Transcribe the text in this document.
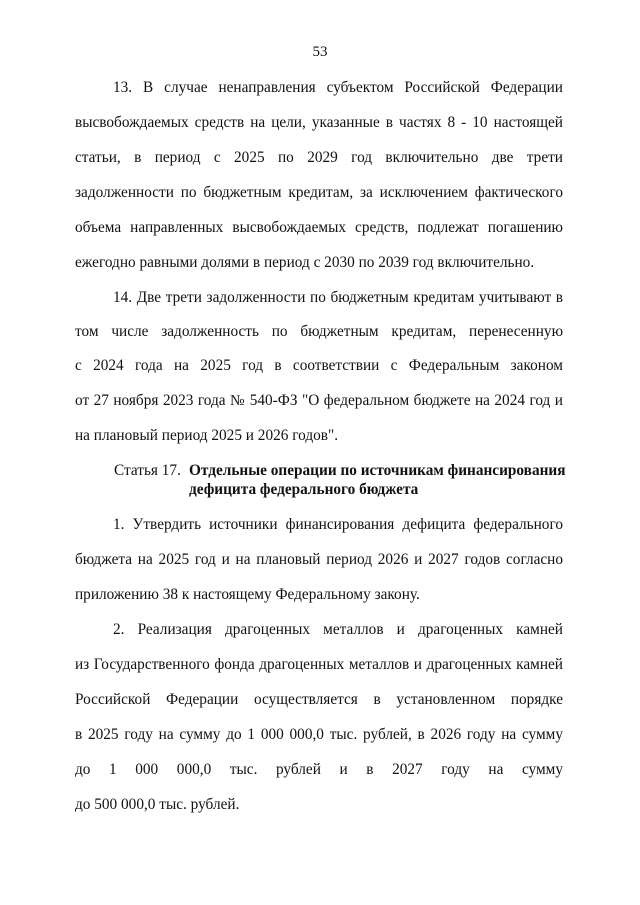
53
13. В случае ненаправления субъектом Российской Федерации
высвобождаемых средств на цели, указанные в частях 8 - 10 настоящей
статьи, в период с 2025 по 2029 год включительно две трети
задолженности по бюджетным кредитам, за исключением фактического
объема направленных высвобождаемых средств, подлежат погашению
ежегодно равными долями в период с 2030 по 2039 год включительно.
14. Две трети задолженности по бюджетным кредитам учитывают в
том числе задолженность по бюджетным кредитам, перенесенную
с 2024 года на 2025 год в соответствии с Федеральным законом
от 27 ноября 2023 года № 540-ФЗ "О федеральном бюджете на 2024 год и
на плановый период 2025 и 2026 годов".
Статья 17. Отдельные операции по источникам финансирования
дефицита федерального бюджета
1. Утвердить источники финансирования дефицита федерального
бюджета на 2025 год и на плановый период 2026 и 2027 годов согласно
приложению 38 к настоящему Федеральному закону.
2. Реализация драгоценных металлов и драгоценных камней
из Государственного фонда драгоценных металлов и драгоценных камней
Российской Федерации осуществляется в установленном порядке
в 2025 году на сумму до 1 000 000,0 тыс. рублей, в 2026 году на сумму
до 1 000 000,0 тыс. рублей и в 2027 году на сумму
до 500 000,0 тыс. рублей.
